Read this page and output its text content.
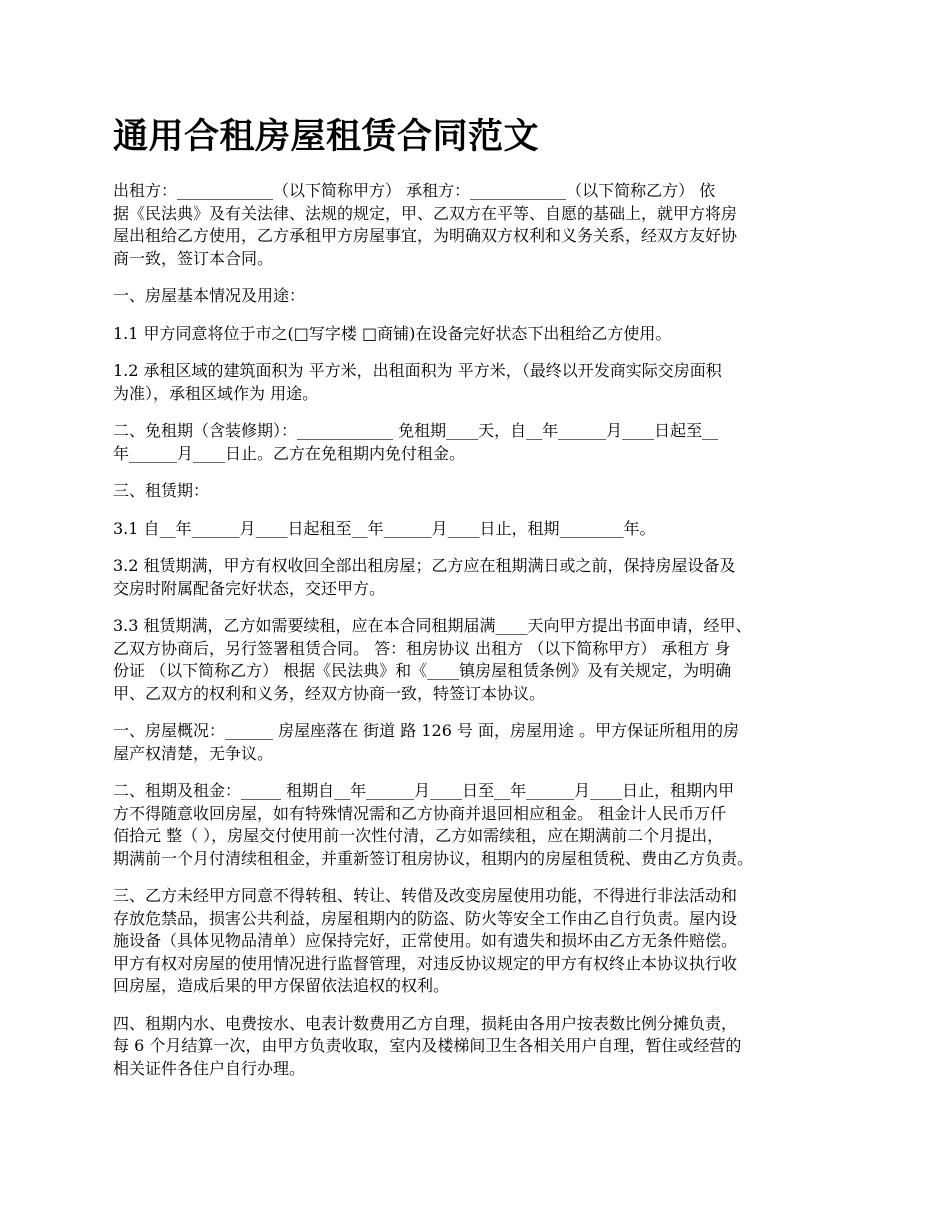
通用合租房屋租赁合同范文

出租方：____________（以下简称甲方） 承租方：____________（以下简称乙方） 依
据《民法典》及有关法律、法规的规定，甲、乙双方在平等、自愿的基础上，就甲方将房
屋出租给乙方使用，乙方承租甲方房屋事宜，为明确双方权利和义务关系，经双方友好协
商一致，签订本合同。

一、房屋基本情况及用途：

1.1 甲方同意将位于市之(□写字楼 □商铺)在设备完好状态下出租给乙方使用。

1.2 承租区域的建筑面积为 平方米，出租面积为 平方米，（最终以开发商实际交房面积
为准），承租区域作为 用途。

二、免租期（含装修期）：____________ 免租期____天，自__年______月____日起至__
年______月____日止。乙方在免租期内免付租金。

三、租赁期：

3.1 自__年______月____日起租至__年______月____日止，租期________年。

3.2 租赁期满，甲方有权收回全部出租房屋；乙方应在租期满日或之前，保持房屋设备及
交房时附属配备完好状态，交还甲方。

3.3 租赁期满，乙方如需要续租，应在本合同租期届满____天向甲方提出书面申请，经甲、
乙双方协商后，另行签署租赁合同。 答：租房协议 出租方 （以下简称甲方） 承租方 身
份证 （以下简称乙方） 根据《民法典》和《____镇房屋租赁条例》及有关规定，为明确
甲、乙双方的权利和义务，经双方协商一致，特签订本协议。

一、房屋概况：______ 房屋座落在 街道 路 126 号 面，房屋用途 。甲方保证所租用的房
屋产权清楚，无争议。

二、租期及租金：_____ 租期自__年______月____日至__年______月____日止，租期内甲
方不得随意收回房屋，如有特殊情况需和乙方协商并退回相应租金。 租金计人民币万仟
佰拾元 整（ ），房屋交付使用前一次性付清，乙方如需续租，应在期满前二个月提出，
期满前一个月付清续租租金，并重新签订租房协议，租期内的房屋租赁税、费由乙方负责。

三、乙方未经甲方同意不得转租、转让、转借及改变房屋使用功能，不得进行非法活动和
存放危禁品，损害公共利益，房屋租期内的防盗、防火等安全工作由乙自行负责。屋内设
施设备（具体见物品清单）应保持完好，正常使用。如有遗失和损坏由乙方无条件赔偿。
甲方有权对房屋的使用情况进行监督管理，对违反协议规定的甲方有权终止本协议执行收
回房屋，造成后果的甲方保留依法追权的权利。

四、租期内水、电费按水、电表计数费用乙方自理，损耗由各用户按表数比例分摊负责，
每 6 个月结算一次，由甲方负责收取，室内及楼梯间卫生各相关用户自理，暂住或经营的
相关证件各住户自行办理。
